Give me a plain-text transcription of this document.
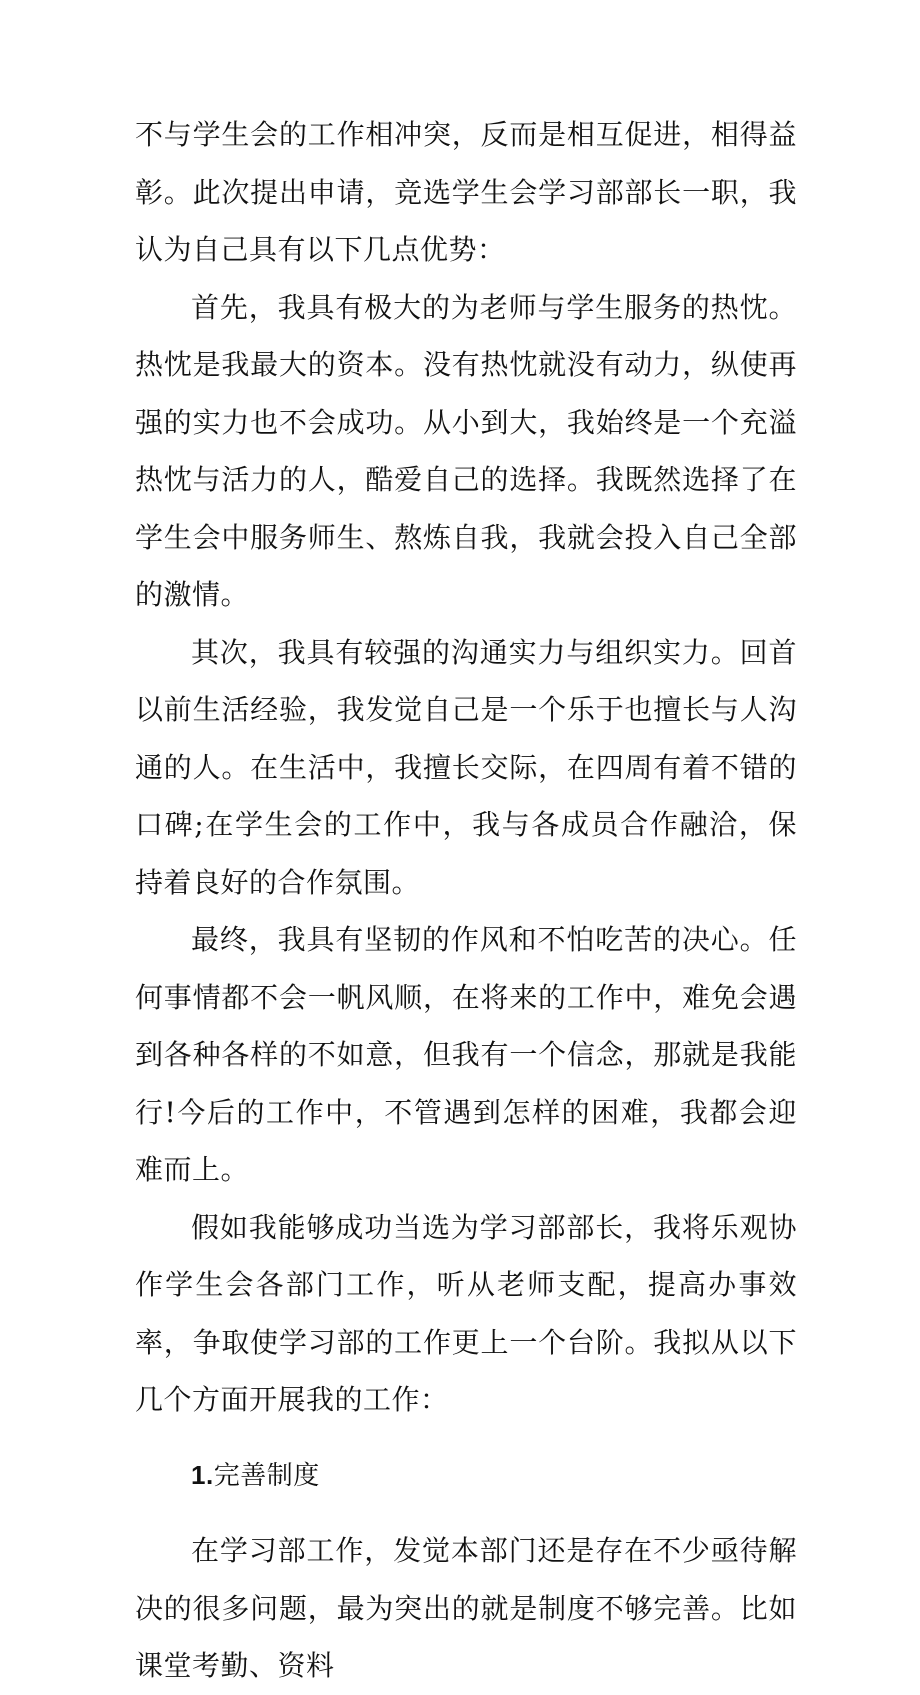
不与学生会的工作相冲突，反而是相互促进，相得益彰。此次提出申请，竞选学生会学习部部长一职，我认为自己具有以下几点优势：

首先，我具有极大的为老师与学生服务的热忱。热忱是我最大的资本。没有热忱就没有动力，纵使再强的实力也不会成功。从小到大，我始终是一个充溢热忱与活力的人，酷爱自己的选择。我既然选择了在学生会中服务师生、熬炼自我，我就会投入自己全部的激情。

其次，我具有较强的沟通实力与组织实力。回首以前生活经验，我发觉自己是一个乐于也擅长与人沟通的人。在生活中，我擅长交际，在四周有着不错的口碑;在学生会的工作中，我与各成员合作融洽，保持着良好的合作氛围。

最终，我具有坚韧的作风和不怕吃苦的决心。任何事情都不会一帆风顺，在将来的工作中，难免会遇到各种各样的不如意，但我有一个信念，那就是我能行!今后的工作中，不管遇到怎样的困难，我都会迎难而上。

假如我能够成功当选为学习部部长，我将乐观协作学生会各部门工作，听从老师支配，提高办事效率，争取使学习部的工作更上一个台阶。我拟从以下几个方面开展我的工作：

1.完善制度

在学习部工作，发觉本部门还是存在不少亟待解决的很多问题，最为突出的就是制度不够完善。比如课堂考勤、资料
